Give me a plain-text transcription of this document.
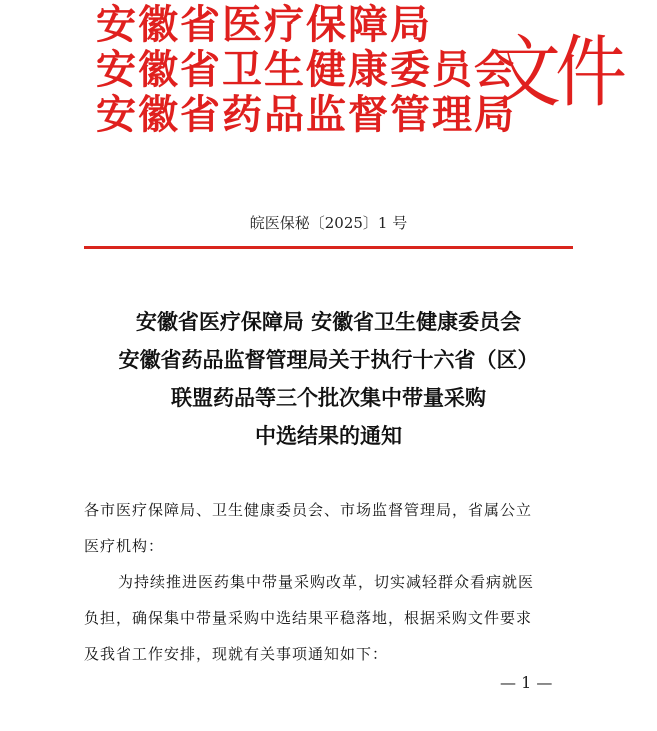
安徽省医疗保障局
安徽省卫生健康委员会
安徽省药品监督管理局
文件
皖医保秘〔2025〕1 号
安徽省医疗保障局 安徽省卫生健康委员会
安徽省药品监督管理局关于执行十六省（区）
联盟药品等三个批次集中带量采购
中选结果的通知
各市医疗保障局、卫生健康委员会、市场监督管理局，省属公立
医疗机构：
为持续推进医药集中带量采购改革，切实减轻群众看病就医
负担，确保集中带量采购中选结果平稳落地，根据采购文件要求
及我省工作安排，现就有关事项通知如下：
— 1 —
